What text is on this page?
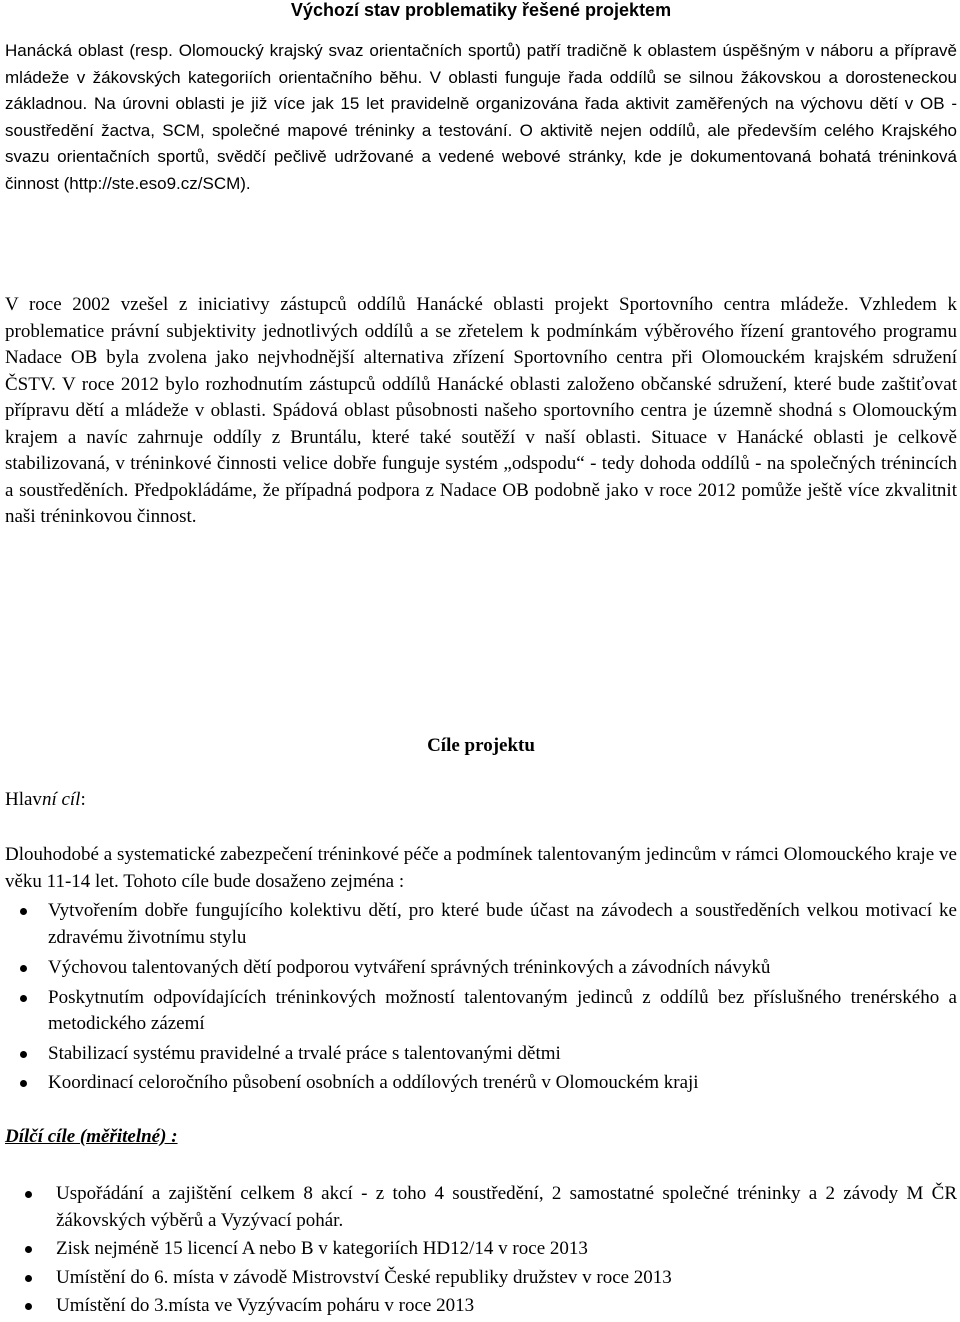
Výchozí stav problematiky řešené projektem

Hanácká oblast (resp. Olomoucký krajský svaz orientačních sportů) patří tradičně k oblastem úspěšným v náboru a přípravě mládeže v žákovských kategoriích orientačního běhu. V oblasti funguje řada oddílů se silnou žákovskou a dorosteneckou základnou. Na úrovni oblasti je již více jak 15 let pravidelně organizována řada aktivit zaměřených na výchovu dětí v OB - soustředění žactva, SCM, společné mapové tréninky a testování. O aktivitě nejen oddílů, ale především celého Krajského svazu orientačních sportů, svědčí pečlivě udržované a vedené webové stránky, kde je dokumentovaná bohatá tréninková činnost (http://ste.eso9.cz/SCM).

V roce 2002 vzešel z iniciativy zástupců oddílů Hanácké oblasti projekt Sportovního centra mládeže. Vzhledem k problematice právní subjektivity jednotlivých oddílů a se zřetelem k podmínkám výběrového řízení grantového programu Nadace OB byla zvolena jako nejvhodnější alternativa zřízení Sportovního centra při Olomouckém krajském sdružení ČSTV. V roce 2012 bylo rozhodnutím zástupců oddílů Hanácké oblasti založeno občanské sdružení, které bude zaštiťovat přípravu dětí a mládeže v oblasti. Spádová oblast působnosti našeho sportovního centra je územně shodná s Olomouckým krajem a navíc zahrnuje oddíly z Bruntálu, které také soutěží v naší oblasti. Situace v Hanácké oblasti je celkově stabilizovaná, v tréninkové činnosti velice dobře funguje systém „odspodu“ - tedy dohoda oddílů - na společných trénincích a soustředěních. Předpokládáme, že případná podpora z Nadace OB podobně jako v roce 2012 pomůže ještě více zkvalitnit naši tréninkovou činnost.

Cíle projektu
Hlavní cíl:

Dlouhodobé a systematické zabezpečení tréninkové péče a podmínek talentovaným jedincům v rámci Olomouckého kraje ve věku 11-14 let. Tohoto cíle bude dosaženo zejména :

Vytvořením dobře fungujícího kolektivu dětí, pro které bude účast na závodech a soustředěních velkou motivací ke zdravému životnímu stylu
Výchovou talentovaných dětí podporou vytváření správných tréninkových a závodních návyků
Poskytnutím odpovídajících tréninkových možností talentovaným jedinců z oddílů bez příslušného trenérského a metodického zázemí
Stabilizací systému pravidelné a trvalé práce s talentovanými dětmi
Koordinací celoročního působení osobních a oddílových trenérů v Olomouckém kraji
Dílčí cíle (měřitelné) :
Uspořádání a zajištění celkem 8 akcí - z toho 4 soustředění, 2 samostatné společné tréninky a 2 závody M ČR žákovských výběrů a Vyzývací pohár.
Zisk nejméně 15 licencí A nebo B v kategoriích HD12/14 v roce 2013
Umístění do 6. místa v závodě Mistrovství České republiky družstev v roce 2013
Umístění do 3.místa ve Vyzývacím poháru v roce 2013
